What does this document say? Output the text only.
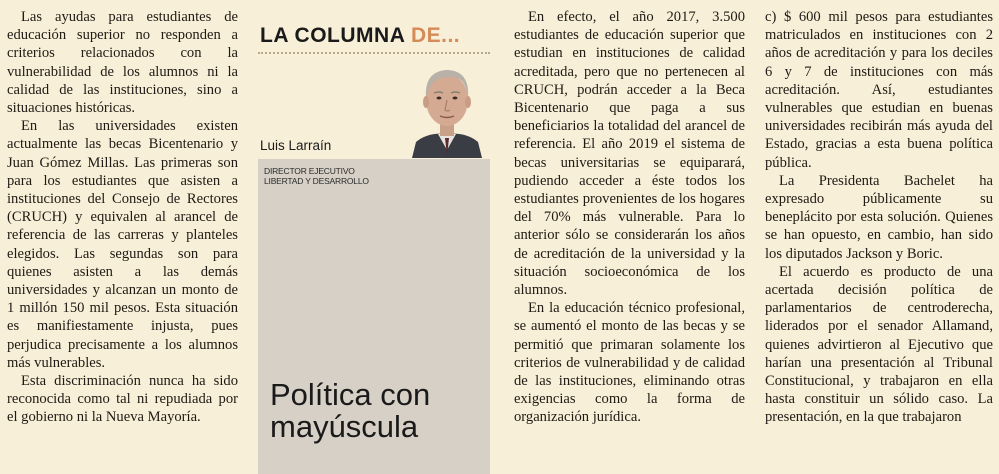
Las ayudas para estudiantes de educación superior no responden a criterios relacionados con la vulnerabilidad de los alumnos ni la calidad de las instituciones, sino a situaciones históricas.

En las universidades existen actualmente las becas Bicentenario y Juan Gómez Millas. Las primeras son para los estudiantes que asisten a instituciones del Consejo de Rectores (CRUCH) y equivalen al arancel de referencia de las carreras y planteles elegidos. Las segundas son para quienes asisten a las demás universidades y alcanzan un monto de 1 millón 150 mil pesos. Esta situación es manifiestamente injusta, pues perjudica precisamente a los alumnos más vulnerables.

Esta discriminación nunca ha sido reconocida como tal ni repudiada por el gobierno ni la Nueva Mayoría.

LA COLUMNA DE...
Luis Larraín
DIRECTOR EJECUTIVO
LIBERTAD Y DESARROLLO
Política con
mayúscula

En efecto, el año 2017, 3.500 estudiantes de educación superior que estudian en instituciones de calidad acreditada, pero que no pertenecen al CRUCH, podrán acceder a la Beca Bicentenario que paga a sus beneficiarios la totalidad del arancel de referencia. El año 2019 el sistema de becas universitarias se equiparará, pudiendo acceder a éste todos los estudiantes provenientes de los hogares del 70% más vulnerable. Para lo anterior sólo se considerarán los años de acreditación de la universidad y la situación socioeconómica de los alumnos.

En la educación técnico profesional, se aumentó el monto de las becas y se permitió que primaran solamente los criterios de vulnerabilidad y de calidad de las instituciones, eliminando otras exigencias como la forma de organización jurídica.

c) $ 600 mil pesos para estudiantes matriculados en instituciones con 2 años de acreditación y para los deciles 6 y 7 de instituciones con más acreditación. Así, estudiantes vulnerables que estudian en buenas universidades recibirán más ayuda del Estado, gracias a esta buena política pública.

La Presidenta Bachelet ha expresado públicamente su beneplácito por esta solución. Quienes se han opuesto, en cambio, han sido los diputados Jackson y Boric.

El acuerdo es producto de una acertada decisión política de parlamentarios de centroderecha, liderados por el senador Allamand, quienes advirtieron al Ejecutivo que harían una presentación al Tribunal Constitucional, y trabajaron en ella hasta constituir un sólido caso. La presentación, en la que trabajaron
